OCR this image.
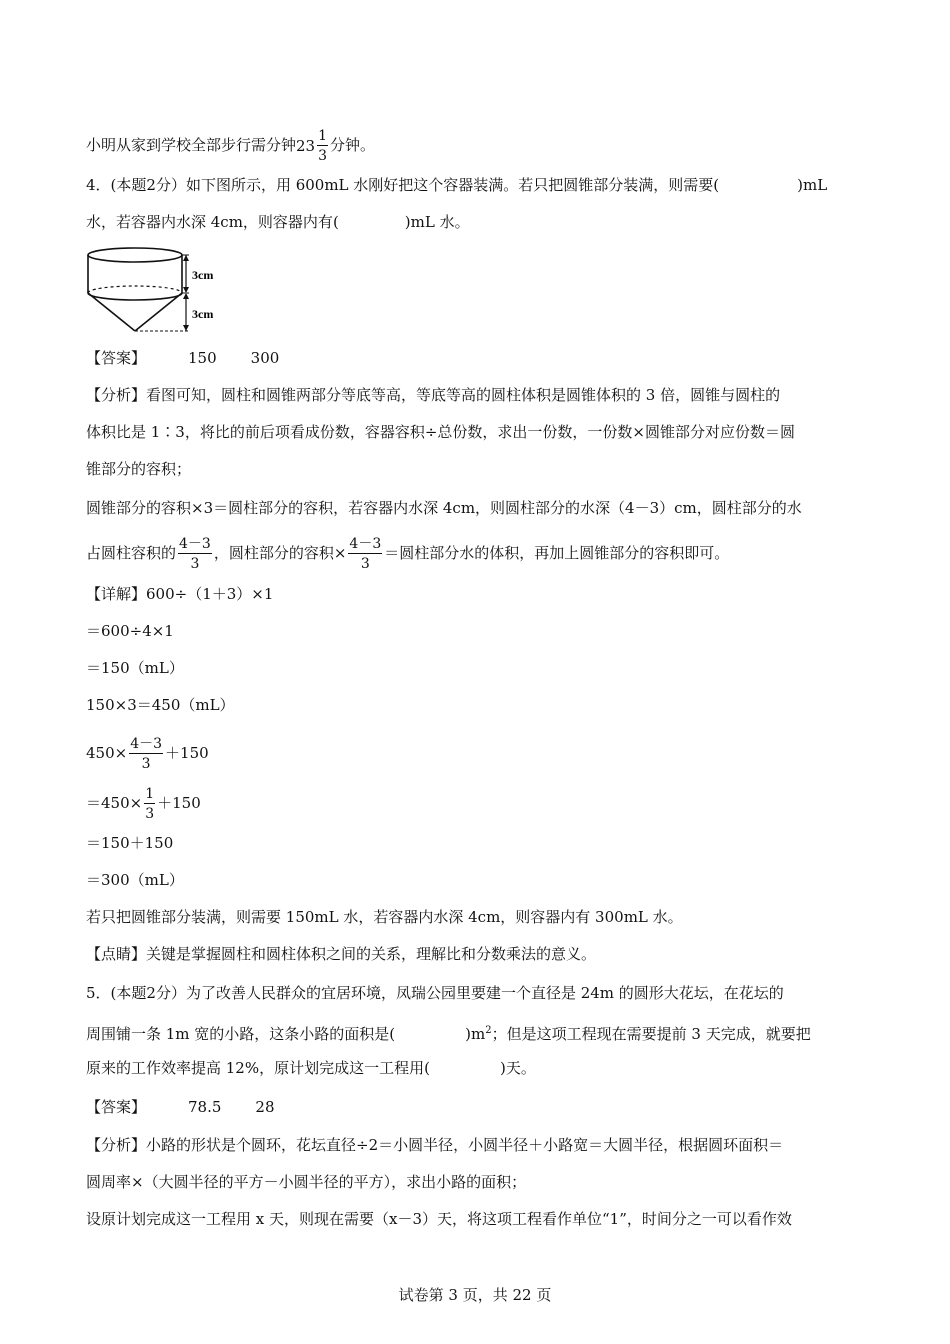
小明从家到学校全部步行需分钟$23 \frac{1}{3}$ 分钟。
4．(本题2分）如下图所示，用 600mL 水刚好把这个容器装满。若只把圆锥部分装满，则需要(	)mL
水，若容器内水深 4cm，则容器内有(	)mL 水。
3cm
3cm
【答案】	150 300
【分析】看图可知，圆柱和圆锥两部分等底等高，等底等高的圆柱体积是圆锥体积的 3 倍，圆锥与圆柱的
体积比是 1∶3，将比的前后项看成份数，容器容积÷总份数，求出一份数，一份数×圆锥部分对应份数＝圆
锥部分的容积；
圆锥部分的容积×3＝圆柱部分的容积，若容器内水深 4cm，则圆柱部分的水深（4－3）cm，圆柱部分的水
占圆柱容积的 $\frac{4-3}{3}$ ，圆柱部分的容积× $\frac{4-3}{3}$ ＝圆柱部分水的体积，再加上圆锥部分的容积即可。
【详解】600÷（1＋3）×1
＝600÷4×1
＝150（mL）
150×3＝450（mL）
$450\times \frac{4-3}{3} +150$
$=450\times \frac{1}{3} +150$
＝150＋150
＝300（mL）
若只把圆锥部分装满，则需要 150mL 水，若容器内水深 4cm，则容器内有 300mL 水。
【点睛】关键是掌握圆柱和圆柱体积之间的关系，理解比和分数乘法的意义。
5．(本题2分）为了改善人民群众的宜居环境，凤瑞公园里要建一个直径是 24m 的圆形大花坛，在花坛的
周围铺一条 1m 宽的小路，这条小路的面积是(	)$m^2$；但是这项工程现在需要提前 3 天完成，就要把
原来的工作效率提高 12%，原计划完成这一工程用(	)天。
【答案】	78.5 28
【分析】小路的形状是个圆环，花坛直径÷2＝小圆半径，小圆半径＋小路宽＝大圆半径，根据圆环面积＝
圆周率×（大圆半径的平方－小圆半径的平方），求出小路的面积；
设原计划完成这一工程用 x 天，则现在需要（x－3）天，将这项工程看作单位“1”，时间分之一可以看作效
试卷第 3 页，共 22 页
